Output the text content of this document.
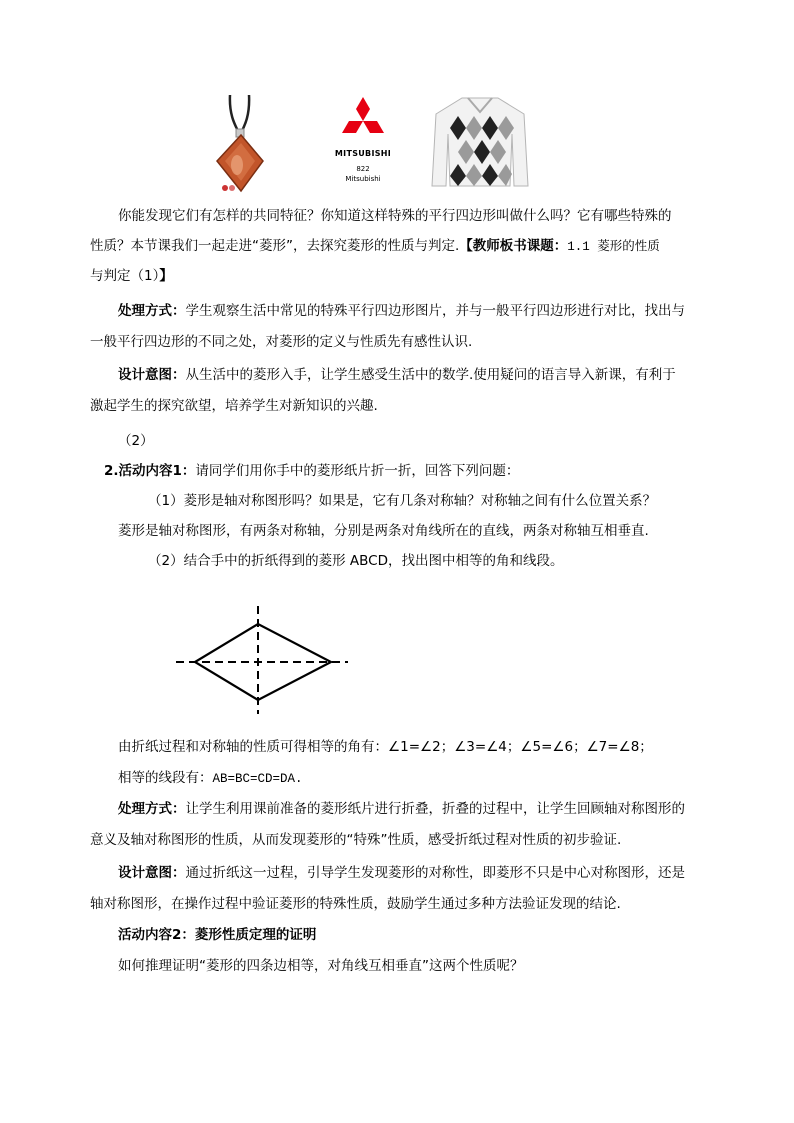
MITSUBISHI
822
Mitsubishi
你能发现它们有怎样的共同特征？你知道这样特殊的平行四边形叫做什么吗？它有哪些特殊的
性质？本节课我们一起走进“菱形”，去探究菱形的性质与判定.【教师板书课题：1.1 菱形的性质
与判定（1）】
处理方式：学生观察生活中常见的特殊平行四边形图片，并与一般平行四边形进行对比，找出与
一般平行四边形的不同之处，对菱形的定义与性质先有感性认识.
设计意图：从生活中的菱形入手，让学生感受生活中的数学.使用疑问的语言导入新课，有利于
激起学生的探究欲望，培养学生对新知识的兴趣.
（2）
2.活动内容1：请同学们用你手中的菱形纸片折一折，回答下列问题：
（1）菱形是轴对称图形吗？如果是，它有几条对称轴？对称轴之间有什么位置关系？
菱形是轴对称图形，有两条对称轴，分别是两条对角线所在的直线，两条对称轴互相垂直.
（2）结合手中的折纸得到的菱形 ABCD，找出图中相等的角和线段。
由折纸过程和对称轴的性质可得相等的角有：∠1=∠2；∠3=∠4；∠5=∠6；∠7=∠8；
相等的线段有：AB=BC=CD=DA.
处理方式：让学生利用课前准备的菱形纸片进行折叠，折叠的过程中，让学生回顾轴对称图形的
意义及轴对称图形的性质，从而发现菱形的“特殊”性质，感受折纸过程对性质的初步验证.
设计意图：通过折纸这一过程，引导学生发现菱形的对称性，即菱形不只是中心对称图形，还是
轴对称图形，在操作过程中验证菱形的特殊性质，鼓励学生通过多种方法验证发现的结论.
活动内容2：菱形性质定理的证明
如何推理证明“菱形的四条边相等，对角线互相垂直”这两个性质呢？
